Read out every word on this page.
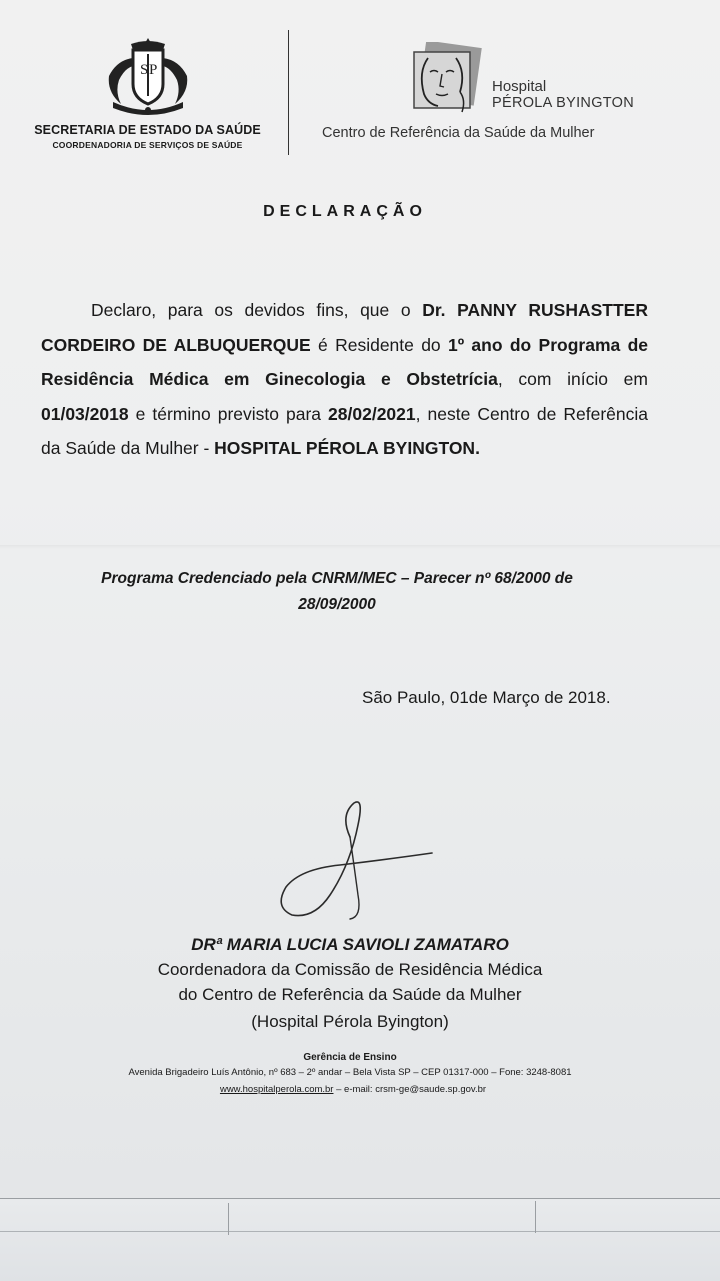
S P
SECRETARIA DE ESTADO DA SAÚDE
COORDENADORIA DE SERVIÇOS DE SAÚDE
Hospital
PÉROLA BYINGTON
Centro de Referência da Saúde da Mulher
DECLARAÇÃO
Declaro, para os devidos fins, que o Dr. PANNY RUSHASTTER CORDEIRO DE ALBUQUERQUE é Residente do 1º ano do Programa de Residência Médica em Ginecologia e Obstetrícia, com início em 01/03/2018 e término previsto para 28/02/2021, neste Centro de Referência da Saúde da Mulher - HOSPITAL PÉROLA BYINGTON.
Programa Credenciado pela CNRM/MEC – Parecer nº 68/2000 de
28/09/2000
São Paulo, 01de Março de 2018.
DRª MARIA LUCIA SAVIOLI ZAMATARO
Coordenadora da Comissão de Residência Médica
do Centro de Referência da Saúde da Mulher
(Hospital Pérola Byington)
Gerência de Ensino
Avenida Brigadeiro Luís Antônio, nº 683 – 2º andar – Bela Vista SP – CEP 01317-000 – Fone: 3248-8081
www.hospitalperola.com.br – e-mail: crsm-ge@saude.sp.gov.br
